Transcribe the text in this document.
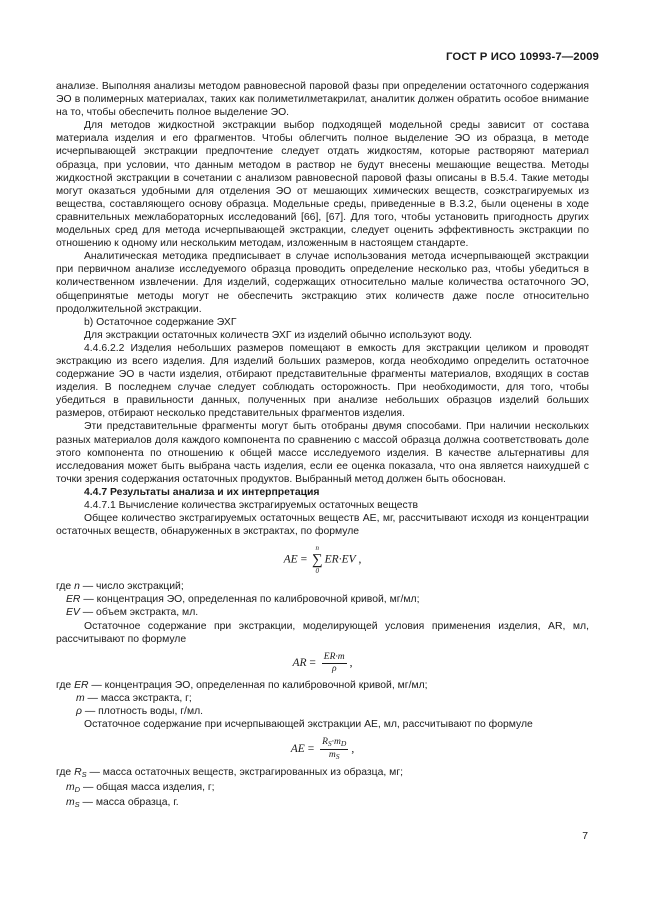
ГОСТ Р ИСО 10993-7—2009

анализе. Выполняя анализы методом равновесной паровой фазы при определении остаточного содержания ЭО в полимерных материалах, таких как полиметилметакрилат, аналитик должен обратить особое внимание на то, чтобы обеспечить полное выделение ЭО.

Для методов жидкостной экстракции выбор подходящей модельной среды зависит от состава материала изделия и его фрагментов. Чтобы облегчить полное выделение ЭО из образца, в методе исчерпывающей экстракции предпочтение следует отдать жидкостям, которые растворяют материал образца, при условии, что данным методом в раствор не будут внесены мешающие вещества. Методы жидкостной экстракции в сочетании с анализом равновесной паровой фазы описаны в В.5.4. Такие методы могут оказаться удобными для отделения ЭО от мешающих химических веществ, соэкстрагируемых из вещества, составляющего основу образца. Модельные среды, приведенные в В.3.2, были оценены в ходе сравнительных межлабораторных исследований [66], [67]. Для того, чтобы установить пригодность других модельных сред для метода исчерпывающей экстракции, следует оценить эффективность экстракции по отношению к одному или нескольким методам, изложенным в настоящем стандарте.

Аналитическая методика предписывает в случае использования метода исчерпывающей экстракции при первичном анализе исследуемого образца проводить определение несколько раз, чтобы убедиться в количественном извлечении. Для изделий, содержащих относительно малые количества остаточного ЭО, общепринятые методы могут не обеспечить экстракцию этих количеств даже после относительно продолжительной экстракции.

b) Остаточное содержание ЭХГ

Для экстракции остаточных количеств ЭХГ из изделий обычно используют воду.

4.4.6.2.2 Изделия небольших размеров помещают в емкость для экстракции целиком и проводят экстракцию из всего изделия. Для изделий больших размеров, когда необходимо определить остаточное содержание ЭО в части изделия, отбирают представительные фрагменты материалов, входящих в состав изделия. В последнем случае следует соблюдать осторожность. При необходимости, для того, чтобы убедиться в правильности данных, полученных при анализе небольших образцов изделий больших размеров, отбирают несколько представительных фрагментов изделия.

Эти представительные фрагменты могут быть отобраны двумя способами. При наличии нескольких разных материалов доля каждого компонента по сравнению с массой образца должна соответствовать доле этого компонента по отношению к общей массе исследуемого изделия. В качестве альтернативы для исследования может быть выбрана часть изделия, если ее оценка показала, что она является наихудшей с точки зрения содержания остаточных продуктов. Выбранный метод должен быть обоснован.

4.4.7 Результаты анализа и их интерпретация

4.4.7.1 Вычисление количества экстрагируемых остаточных веществ

Общее количество экстрагируемых остаточных веществ AE, мг, рассчитывают исходя из концентрации остаточных веществ, обнаруженных в экстрактах, по формуле

AE =
n
∑
0
ER·EV ,

где n — число экстракций;

ER — концентрация ЭО, определенная по калибровочной кривой, мг/мл;

EV — объем экстракта, мл.

Остаточное содержание при экстракции, моделирующей условия применения изделия, AR, мл, рассчитывают по формуле

AR = $\frac{ER\cdot m}{\rho}$ ,

где ER — концентрация ЭО, определенная по калибровочной кривой, мг/мл;

m — масса экстракта, г;

ρ — плотность воды, г/мл.

Остаточное содержание при исчерпывающей экстракции AE, мл, рассчитывают по формуле

AE = $\frac{R_S\cdot m_D}{m_S}$ ,

где $R_S$ — масса остаточных веществ, экстрагированных из образца, мг;

$m_D$ — общая масса изделия, г;

$m_S$ — масса образца, г.

7
